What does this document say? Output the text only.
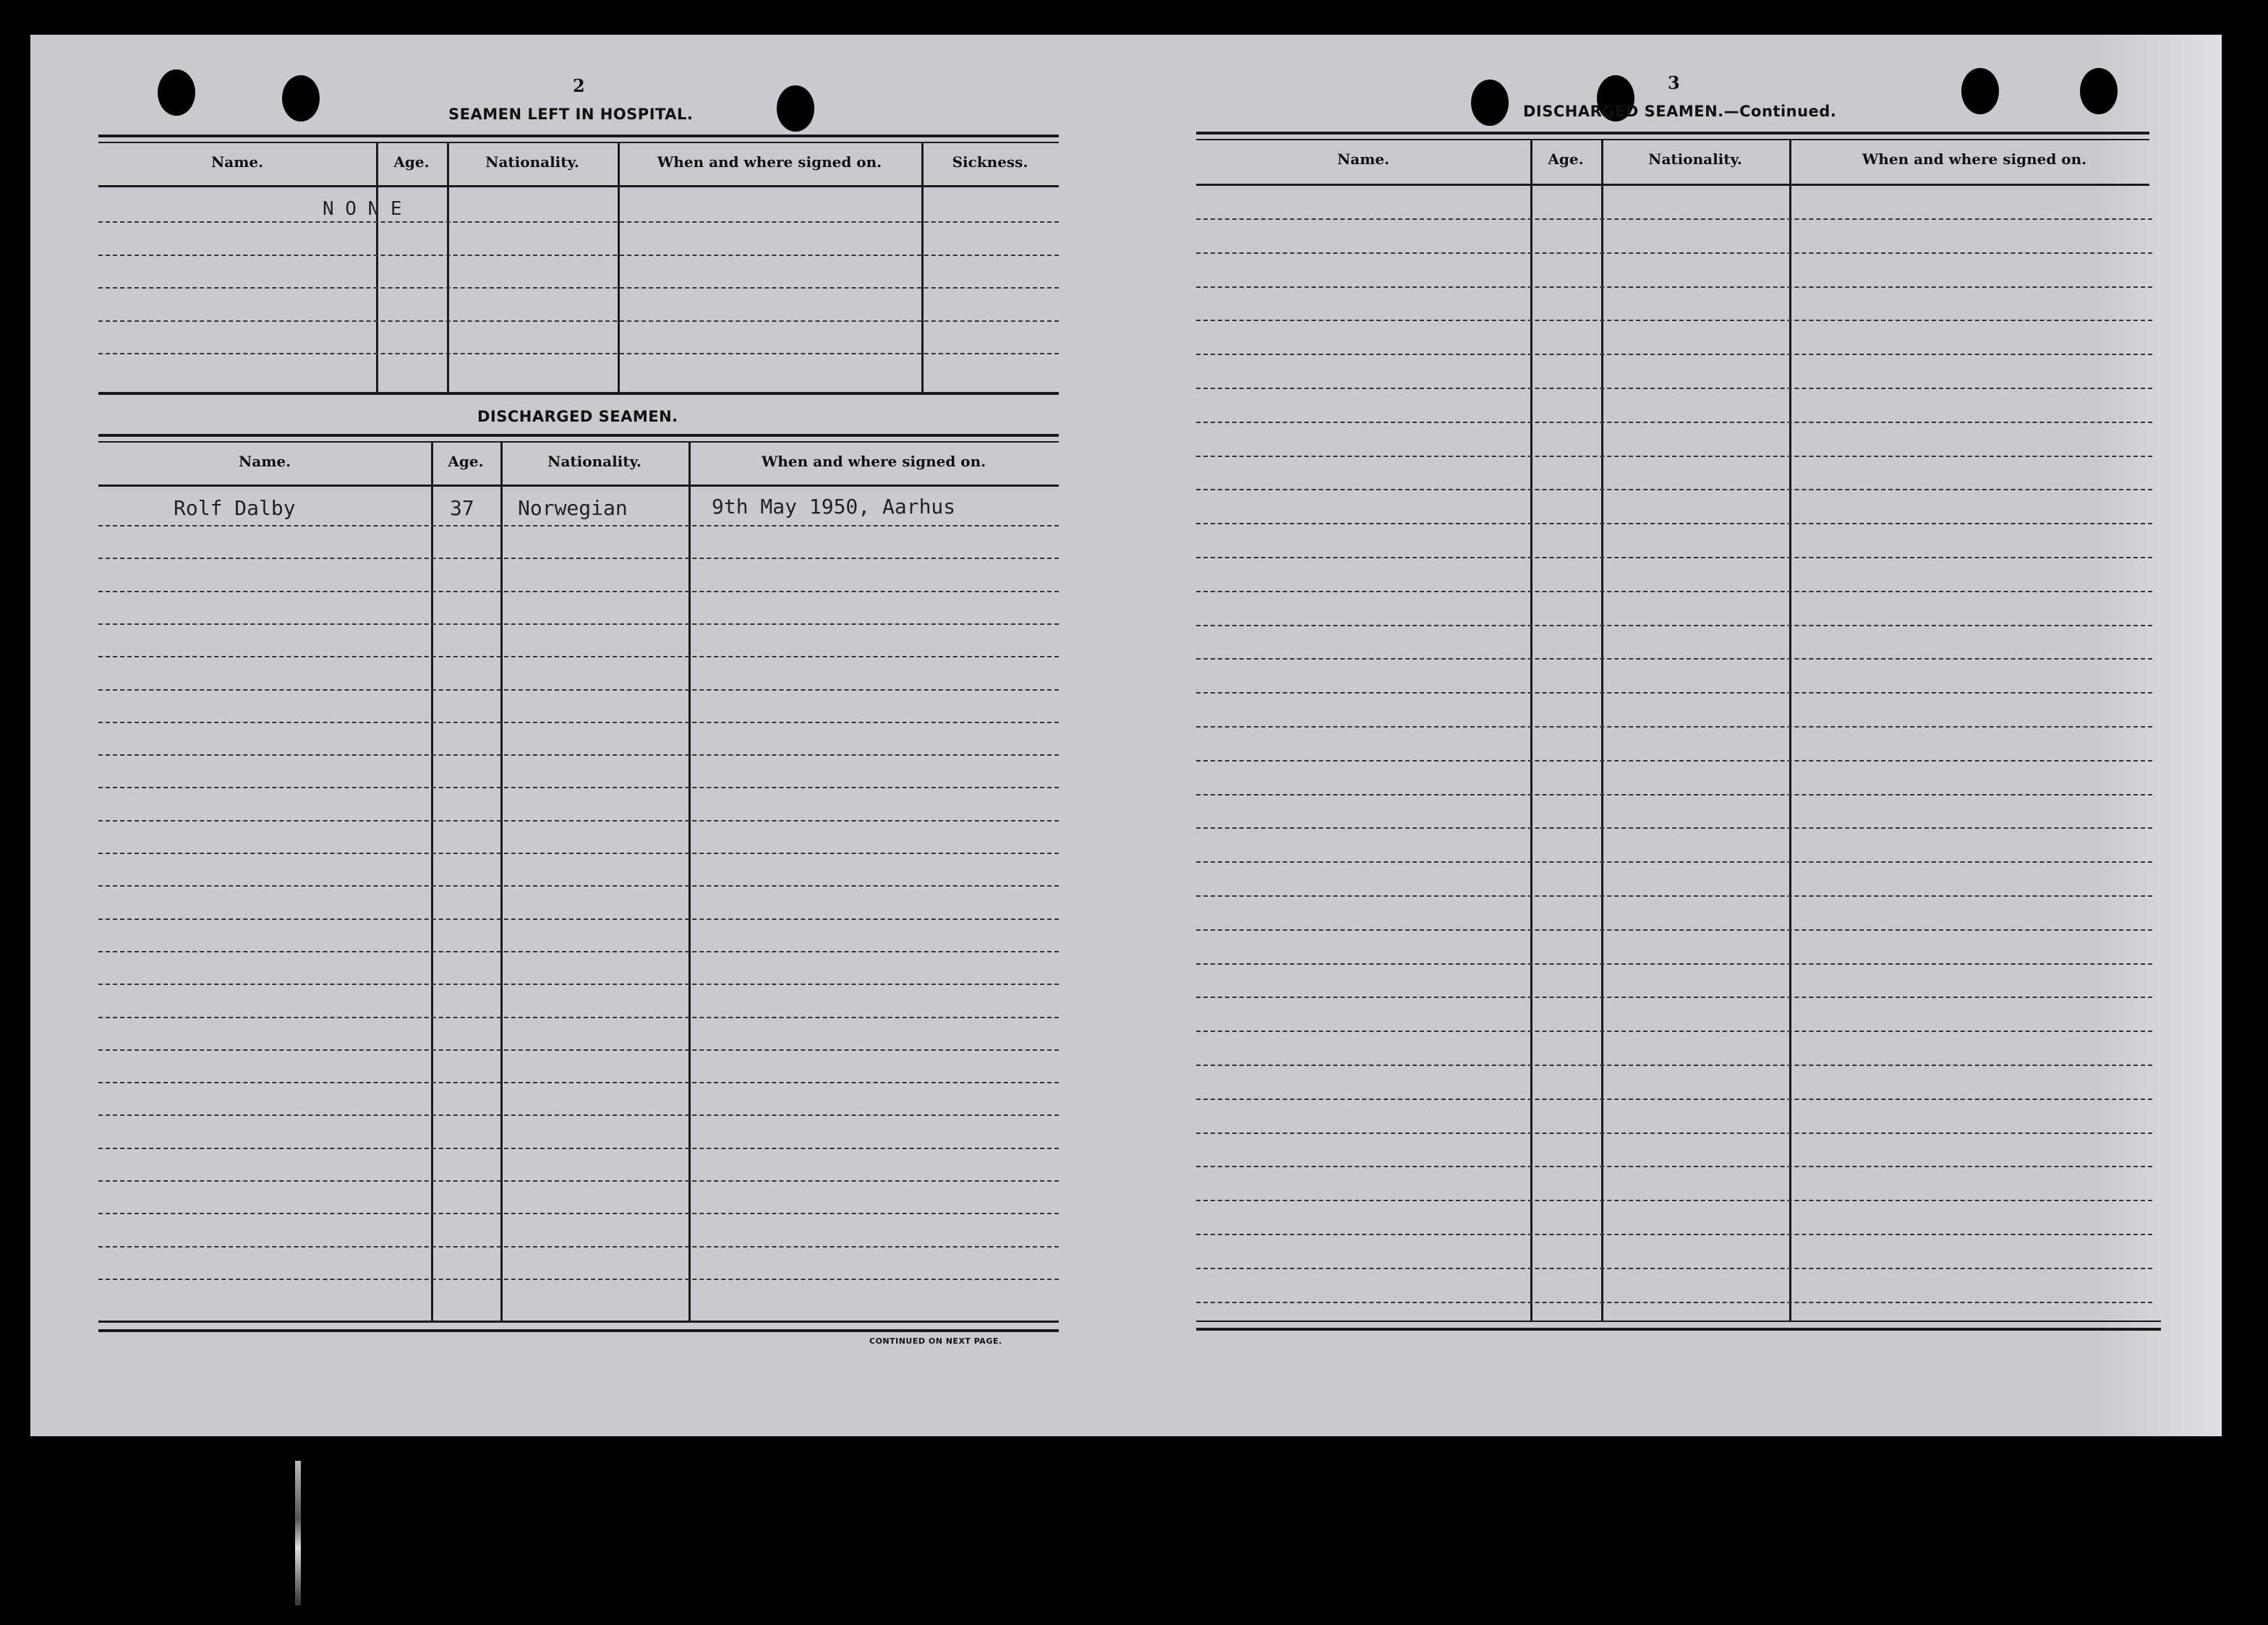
2
SEAMEN LEFT IN HOSPITAL.
Name.	Age.	Nationality.	When and where signed on.	Sickness.
N O N E
DISCHARGED SEAMEN.
Name.	Age.	Nationality.	When and where signed on.
Rolf Dalby	37 Norwegian	9th May 1950, Aarhus
CONTINUED ON NEXT PAGE.
3
DISCHARGED SEAMEN.—Continued.
Name.	Age.	Nationality.	When and where signed on.
